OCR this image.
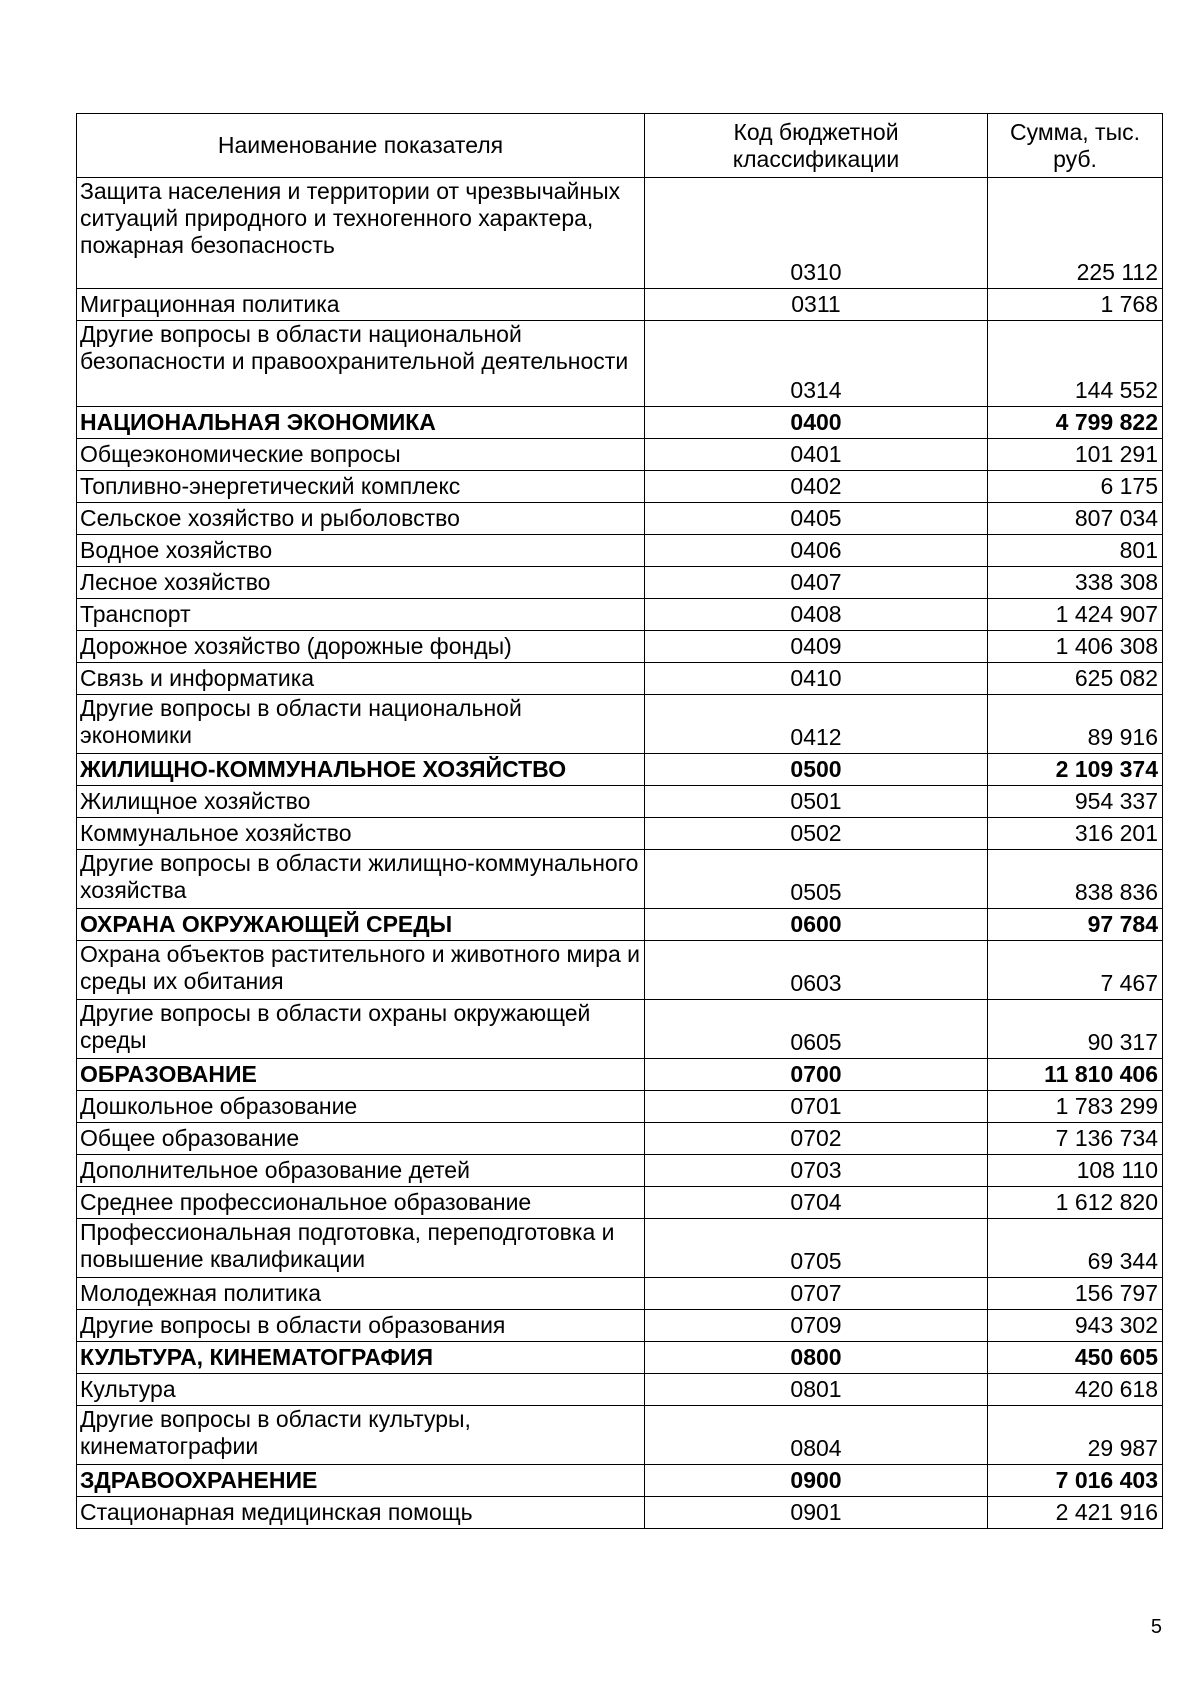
Наименование показателя	Код бюджетной классификации	Сумма, тыс. руб.
Защита населения и территории от чрезвычайных ситуаций природного и техногенного характера, пожарная безопасность	0310	225 112
Миграционная политика	0311	1 768
Другие вопросы в области национальной безопасности и правоохранительной деятельности	0314	144 552
НАЦИОНАЛЬНАЯ ЭКОНОМИКА	0400	4 799 822
Общеэкономические вопросы	0401	101 291
Топливно-энергетический комплекс	0402	6 175
Сельское хозяйство и рыболовство	0405	807 034
Водное хозяйство	0406	801
Лесное хозяйство	0407	338 308
Транспорт	0408	1 424 907
Дорожное хозяйство (дорожные фонды)	0409	1 406 308
Связь и информатика	0410	625 082
Другие вопросы в области национальной экономики	0412	89 916
ЖИЛИЩНО-КОММУНАЛЬНОЕ ХОЗЯЙСТВО	0500	2 109 374
Жилищное хозяйство	0501	954 337
Коммунальное хозяйство	0502	316 201
Другие вопросы в области жилищно-коммунального хозяйства	0505	838 836
ОХРАНА ОКРУЖАЮЩЕЙ СРЕДЫ	0600	97 784
Охрана объектов растительного и животного мира и среды их обитания	0603	7 467
Другие вопросы в области охраны окружающей среды	0605	90 317
ОБРАЗОВАНИЕ	0700	11 810 406
Дошкольное образование	0701	1 783 299
Общее образование	0702	7 136 734
Дополнительное образование детей	0703	108 110
Среднее профессиональное образование	0704	1 612 820
Профессиональная подготовка, переподготовка и повышение квалификации	0705	69 344
Молодежная политика	0707	156 797
Другие вопросы в области образования	0709	943 302
КУЛЬТУРА, КИНЕМАТОГРАФИЯ	0800	450 605
Культура	0801	420 618
Другие вопросы в области культуры, кинематографии	0804	29 987
ЗДРАВООХРАНЕНИЕ	0900	7 016 403
Стационарная медицинская помощь	0901	2 421 916
5
